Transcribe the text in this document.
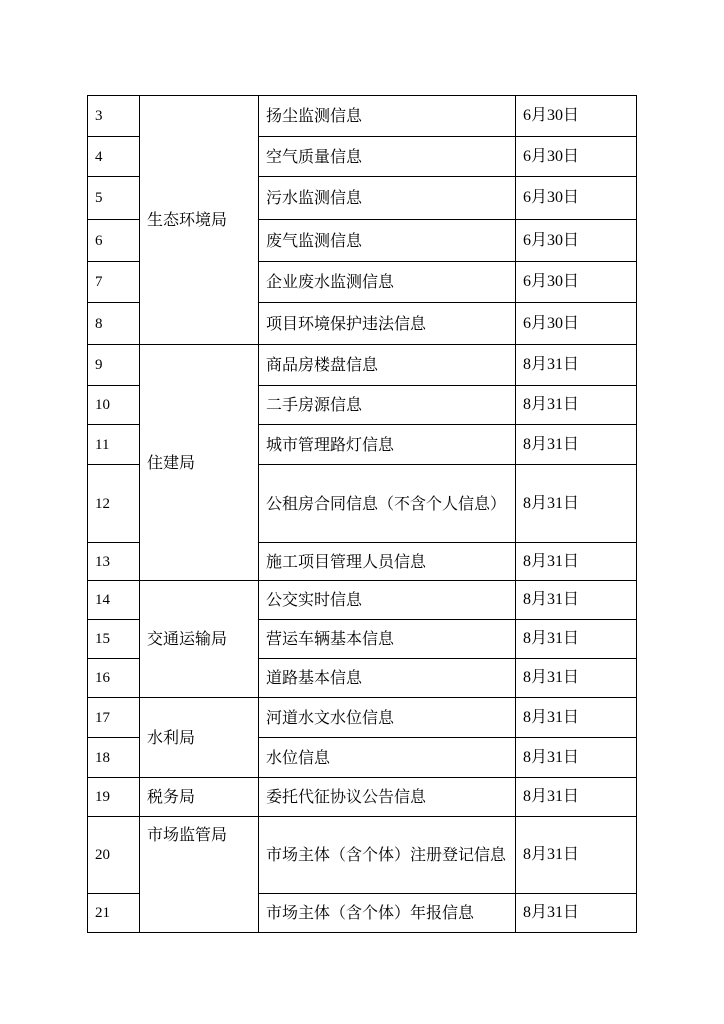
3	生态环境局	扬尘监测信息	6月30日
4		空气质量信息	6月30日
5		污水监测信息	6月30日
6		废气监测信息	6月30日
7		企业废水监测信息	6月30日
8		项目环境保护违法信息	6月30日
9	住建局	商品房楼盘信息	8月31日
10		二手房源信息	8月31日
11		城市管理路灯信息	8月31日
12		公租房合同信息（不含个人信息）	8月31日
13		施工项目管理人员信息	8月31日
14	交通运输局	公交实时信息	8月31日
15		营运车辆基本信息	8月31日
16		道路基本信息	8月31日
17	水利局	河道水文水位信息	8月31日
18		水位信息	8月31日
19	税务局	委托代征协议公告信息	8月31日
20	市场监管局	市场主体（含个体）注册登记信息	8月31日
21		市场主体（含个体）年报信息	8月31日
